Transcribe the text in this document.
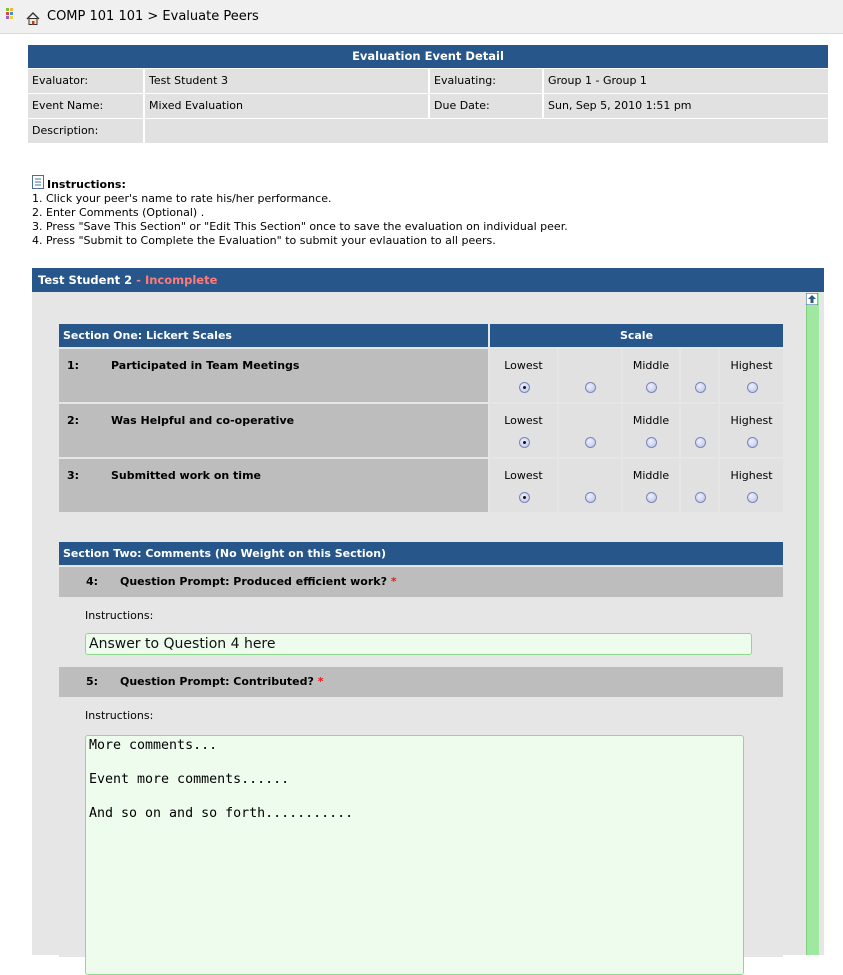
COMP 101 101 > Evaluate Peers
Evaluation Event Detail
Evaluator:	Test Student 3	Evaluating:	Group 1 - Group 1
Event Name:	Mixed Evaluation	Due Date:	Sun, Sep 5, 2010 1:51 pm
Description:
Instructions:
1. Click your peer's name to rate his/her performance.
2. Enter Comments (Optional) .
3. Press "Save This Section" or "Edit This Section" once to save the evaluation on individual peer.
4. Press "Submit to Complete the Evaluation" to submit your evlauation to all peers.
Test Student 2 - Incomplete
Section One: Lickert Scales	Scale
1:	Participated in Team Meetings	Lowest	Middle	Highest
2:	Was Helpful and co-operative	Lowest	Middle	Highest
3:	Submitted work on time	Lowest	Middle	Highest
Section Two: Comments (No Weight on this Section)
4: Question Prompt: Produced efficient work? *
Instructions:
Answer to Question 4 here
5: Question Prompt: Contributed? *
Instructions:
More comments...
Event more comments......
And so on and so forth...........
